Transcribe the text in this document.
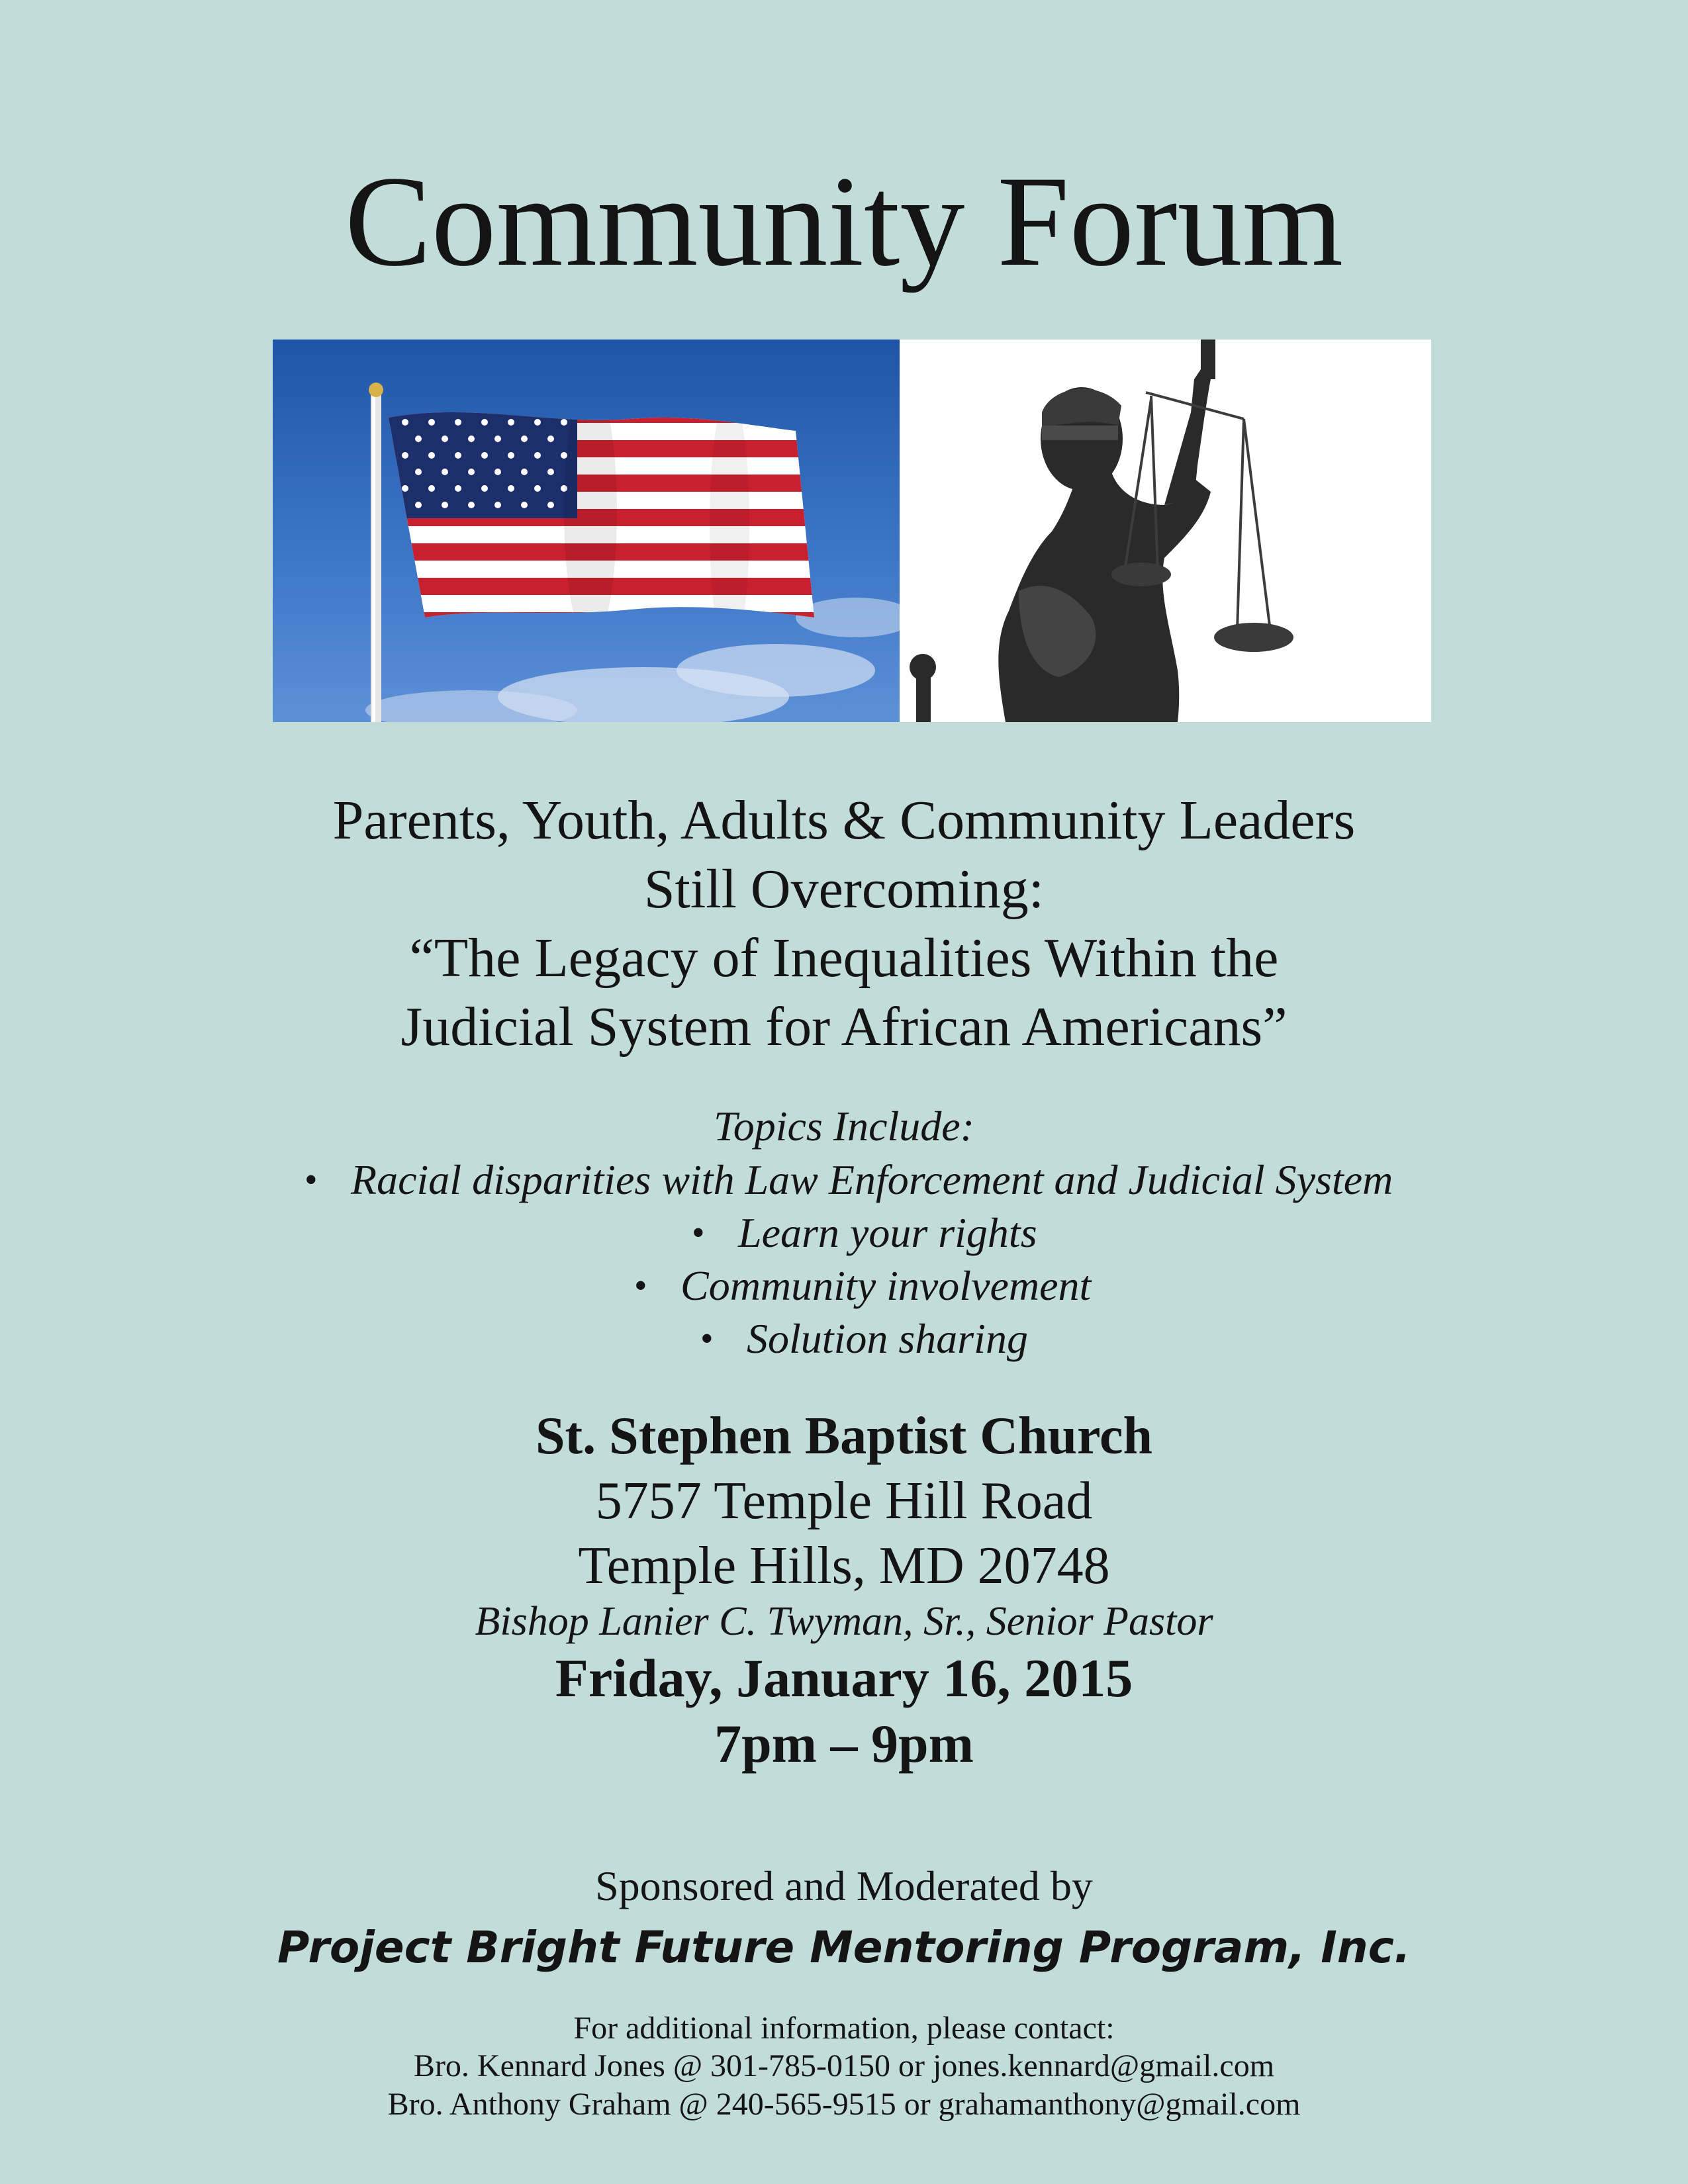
Community Forum
Parents, Youth, Adults & Community Leaders
Still Overcoming:
“The Legacy of Inequalities Within the
Judicial System for African Americans”
Topics Include:
• Racial disparities with Law Enforcement and Judicial System
• Learn your rights
• Community involvement
• Solution sharing
St. Stephen Baptist Church
5757 Temple Hill Road
Temple Hills, MD 20748
Bishop Lanier C. Twyman, Sr., Senior Pastor
Friday, January 16, 2015
7pm – 9pm
Sponsored and Moderated by
Project Bright Future Mentoring Program, Inc.
For additional information, please contact:
Bro. Kennard Jones @ 301-785-0150 or jones.kennard@gmail.com
Bro. Anthony Graham @ 240-565-9515 or grahamanthony@gmail.com
